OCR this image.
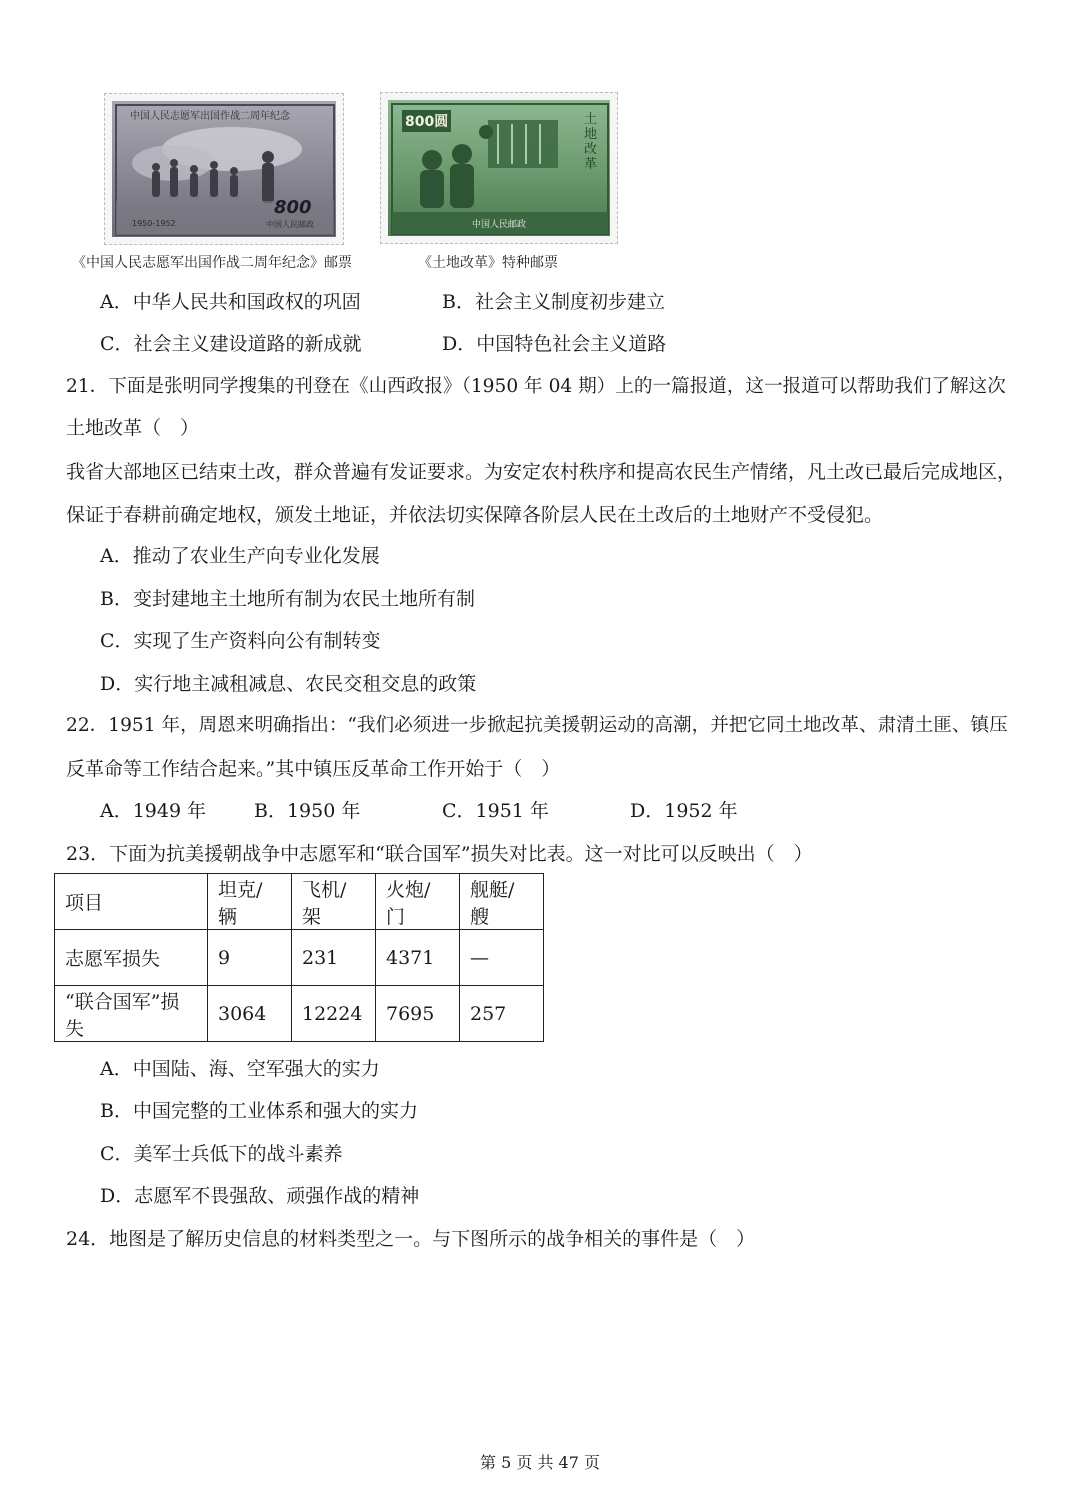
中国人民志愿军出国作战二周年纪念
800
1950-1952	中国人民邮政
800圆	土地改革
中国人民邮政
《中国人民志愿军出国作战二周年纪念》邮票	《土地改革》特种邮票
A．中华人民共和国政权的巩固	B．社会主义制度初步建立
C．社会主义建设道路的新成就	D．中国特色社会主义道路
21．下面是张明同学搜集的刊登在《山西政报》（1950 年 04 期）上的一篇报道，这一报道可以帮助我们了解这次
土地改革（　）
我省大部地区已结束土改，群众普遍有发证要求。为安定农村秩序和提高农民生产情绪，凡土改已最后完成地区，
保证于春耕前确定地权，颁发土地证，并依法切实保障各阶层人民在土改后的土地财产不受侵犯。
A．推动了农业生产向专业化发展
B．变封建地主土地所有制为农民土地所有制
C．实现了生产资料向公有制转变
D．实行地主减租减息、农民交租交息的政策
22．1951 年，周恩来明确指出：“我们必须进一步掀起抗美援朝运动的高潮，并把它同土地改革、肃清土匪、镇压
反革命等工作结合起来。”其中镇压反革命工作开始于（　）
A．1949 年	B．1950 年	C．1951 年	D．1952 年
23．下面为抗美援朝战争中志愿军和“联合国军”损失对比表。这一对比可以反映出（　）
项目	坦克/辆	飞机/架	火炮/门	舰艇/艘
志愿军损失	9	231	4371	—
“联合国军”损失	3064	12224	7695	257
A．中国陆、海、空军强大的实力
B．中国完整的工业体系和强大的实力
C．美军士兵低下的战斗素养
D．志愿军不畏强敌、顽强作战的精神
24．地图是了解历史信息的材料类型之一。与下图所示的战争相关的事件是（　）
第 5 页 共 47 页
